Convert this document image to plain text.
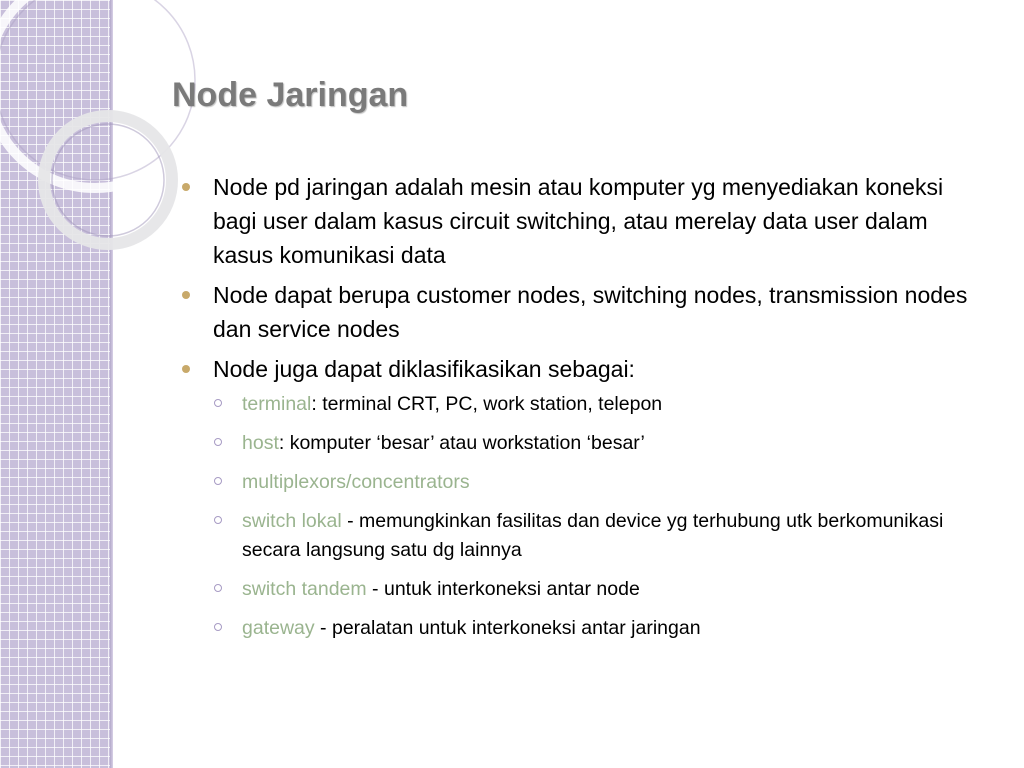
Node Jaringan
Node pd jaringan adalah mesin atau komputer yg menyediakan koneksi bagi user dalam kasus circuit switching, atau merelay data user dalam kasus komunikasi data
Node dapat berupa customer nodes, switching nodes, transmission nodes dan service nodes
Node juga dapat diklasifikasikan sebagai:
terminal: terminal CRT, PC, work station, telepon
host: komputer ‘besar’ atau workstation ‘besar’
multiplexors/concentrators
switch lokal - memungkinkan fasilitas dan device yg terhubung utk berkomunikasi secara langsung satu dg lainnya
switch tandem - untuk interkoneksi antar node
gateway - peralatan untuk interkoneksi antar jaringan
